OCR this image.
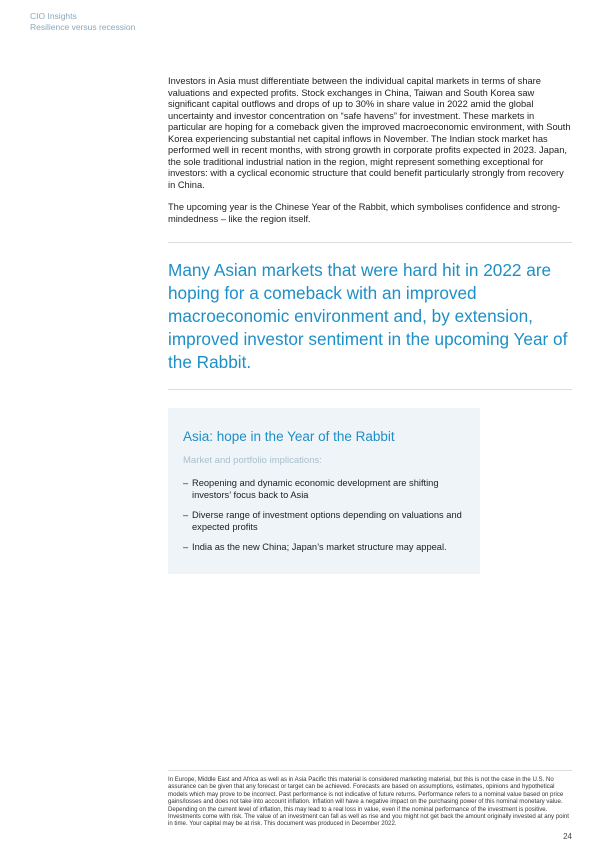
CIO Insights
Resilience versus recession

Investors in Asia must differentiate between the individual capital markets in terms of share valuations and expected profits. Stock exchanges in China, Taiwan and South Korea saw significant capital outflows and drops of up to 30% in share value in 2022 amid the global uncertainty and investor concentration on “safe havens” for investment. These markets in particular are hoping for a comeback given the improved macroeconomic environment, with South Korea experiencing substantial net capital inflows in November. The Indian stock market has performed well in recent months, with strong growth in corporate profits expected in 2023. Japan, the sole traditional industrial nation in the region, might represent something exceptional for investors: with a cyclical economic structure that could benefit particularly strongly from recovery in China.

The upcoming year is the Chinese Year of the Rabbit, which symbolises confidence and strong-mindedness – like the region itself.

Many Asian markets that were hard hit in 2022 are hoping for a comeback with an improved macroeconomic environment and, by extension, improved investor sentiment in the upcoming Year of the Rabbit.

Asia: hope in the Year of the Rabbit
Market and portfolio implications:
– Reopening and dynamic economic development are shifting investors’ focus back to Asia
– Diverse range of investment options depending on valuations and expected profits
– India as the new China; Japan’s market structure may appeal.
In Europe, Middle East and Africa as well as in Asia Pacific this material is considered marketing material, but this is not the case in the U.S. No assurance can be given that any forecast or target can be achieved. Forecasts are based on assumptions, estimates, opinions and hypothetical models which may prove to be incorrect. Past performance is not indicative of future returns. Performance refers to a nominal value based on price gains/losses and does not take into account inflation. Inflation will have a negative impact on the purchasing power of this nominal monetary value. Depending on the current level of inflation, this may lead to a real loss in value, even if the nominal performance of the investment is positive. Investments come with risk. The value of an investment can fall as well as rise and you might not get back the amount originally invested at any point in time. Your capital may be at risk. This document was produced in December 2022.
24
